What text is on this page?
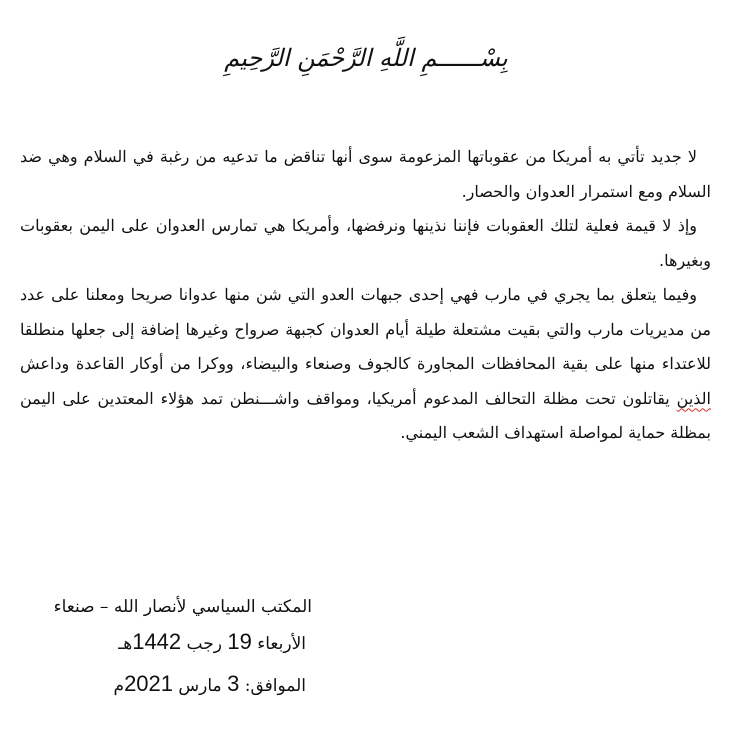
بِسْــــــمِ اللَّهِ الرَّحْمَنِ الرَّحِيمِ

لا جديد تأتي به أمريكا من عقوباتها المزعومة سوى أنها تناقض ما تدعيه من رغبة في السلام وهي ضد السلام ومع استمرار العدوان والحصار.

وإذ لا قيمة فعلية لتلك العقوبات فإننا نذينها ونرفضها، وأمريكا هي تمارس العدوان على اليمن بعقوبات وبغيرها.

وفيما يتعلق بما يجري في مارب فهي إحدى جبهات العدو التي شن منها عدوانا صريحا ومعلنا على عدد من مديريات مارب والتي بقيت مشتعلة طيلة أيام العدوان كجبهة صرواح وغيرها إضافة إلى جعلها منطلقا للاعتداء منها على بقية المحافظات المجاورة كالجوف وصنعاء والبيضاء، ووكرا من أوكار القاعدة وداعش الذين يقاتلون تحت مظلة التحالف المدعوم أمريكيا، ومواقف واشـــنطن تمد هؤلاء المعتدين على اليمن بمظلة حماية لمواصلة استهداف الشعب اليمني.

المكتب السياسي لأنصار الله – صنعاء

الأربعاء 19 رجب 1442هـ

الموافق: 3 مارس 2021م
